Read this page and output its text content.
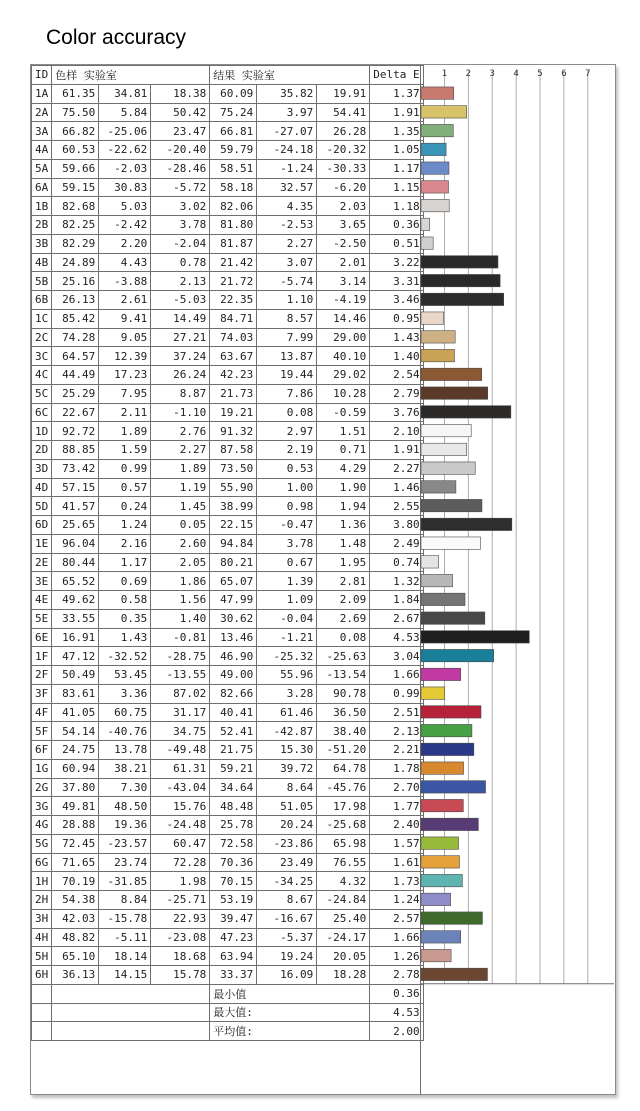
Color accuracy
ID	色样 实验室			结果 实验室			Delta E
1A	61.35	34.81	18.38	60.09	35.82	19.91	1.37
2A	75.50	5.84	50.42	75.24	3.97	54.41	1.91
3A	66.82	-25.06	23.47	66.81	-27.07	26.28	1.35
4A	60.53	-22.62	-20.40	59.79	-24.18	-20.32	1.05
5A	59.66	-2.03	-28.46	58.51	-1.24	-30.33	1.17
6A	59.15	30.83	-5.72	58.18	32.57	-6.20	1.15
1B	82.68	5.03	3.02	82.06	4.35	2.03	1.18
2B	82.25	-2.42	3.78	81.80	-2.53	3.65	0.36
3B	82.29	2.20	-2.04	81.87	2.27	-2.50	0.51
4B	24.89	4.43	0.78	21.42	3.07	2.01	3.22
5B	25.16	-3.88	2.13	21.72	-5.74	3.14	3.31
6B	26.13	2.61	-5.03	22.35	1.10	-4.19	3.46
1C	85.42	9.41	14.49	84.71	8.57	14.46	0.95
2C	74.28	9.05	27.21	74.03	7.99	29.00	1.43
3C	64.57	12.39	37.24	63.67	13.87	40.10	1.40
4C	44.49	17.23	26.24	42.23	19.44	29.02	2.54
5C	25.29	7.95	8.87	21.73	7.86	10.28	2.79
6C	22.67	2.11	-1.10	19.21	0.08	-0.59	3.76
1D	92.72	1.89	2.76	91.32	2.97	1.51	2.10
2D	88.85	1.59	2.27	87.58	2.19	0.71	1.91
3D	73.42	0.99	1.89	73.50	0.53	4.29	2.27
4D	57.15	0.57	1.19	55.90	1.00	1.90	1.46
5D	41.57	0.24	1.45	38.99	0.98	1.94	2.55
6D	25.65	1.24	0.05	22.15	-0.47	1.36	3.80
1E	96.04	2.16	2.60	94.84	3.78	1.48	2.49
2E	80.44	1.17	2.05	80.21	0.67	1.95	0.74
3E	65.52	0.69	1.86	65.07	1.39	2.81	1.32
4E	49.62	0.58	1.56	47.99	1.09	2.09	1.84
5E	33.55	0.35	1.40	30.62	-0.04	2.69	2.67
6E	16.91	1.43	-0.81	13.46	-1.21	0.08	4.53
1F	47.12	-32.52	-28.75	46.90	-25.32	-25.63	3.04
2F	50.49	53.45	-13.55	49.00	55.96	-13.54	1.66
3F	83.61	3.36	87.02	82.66	3.28	90.78	0.99
4F	41.05	60.75	31.17	40.41	61.46	36.50	2.51
5F	54.14	-40.76	34.75	52.41	-42.87	38.40	2.13
6F	24.75	13.78	-49.48	21.75	15.30	-51.20	2.21
1G	60.94	38.21	61.31	59.21	39.72	64.78	1.78
2G	37.80	7.30	-43.04	34.64	8.64	-45.76	2.70
3G	49.81	48.50	15.76	48.48	51.05	17.98	1.77
4G	28.88	19.36	-24.48	25.78	20.24	-25.68	2.40
5G	72.45	-23.57	60.47	72.58	-23.86	65.98	1.57
6G	71.65	23.74	72.28	70.36	23.49	76.55	1.61
1H	70.19	-31.85	1.98	70.15	-34.25	4.32	1.73
2H	54.38	8.84	-25.71	53.19	8.67	-24.84	1.24
3H	42.03	-15.78	22.93	39.47	-16.67	25.40	2.57
4H	48.82	-5.11	-23.08	47.23	-5.37	-24.17	1.66
5H	65.10	18.14	18.68	63.94	19.24	20.05	1.26
6H	36.13	14.15	15.78	33.37	16.09	18.28	2.78
				最小值			0.36
				最大值:			4.53
				平均值:			2.00
1 2 3 4 5 6 7
